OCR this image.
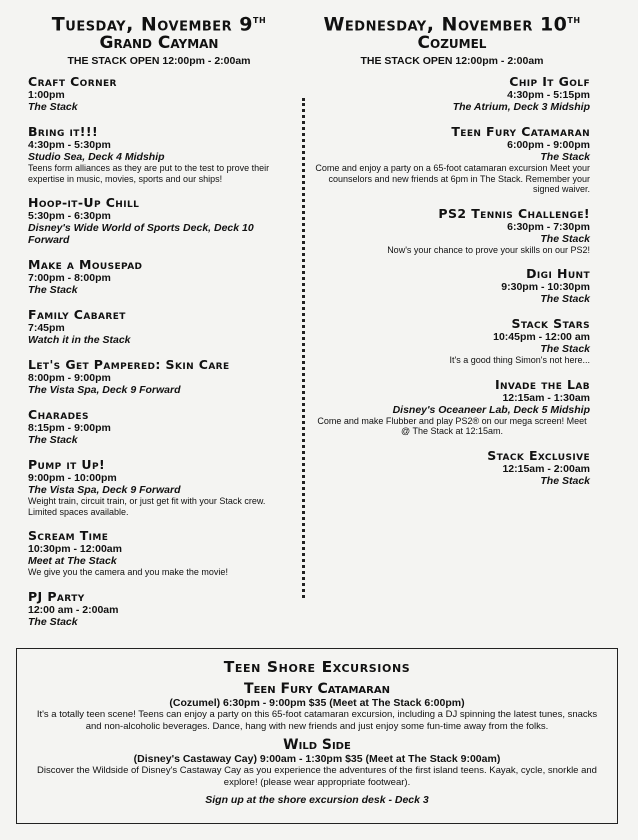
Tuesday, November 9th
Grand Cayman
THE STACK OPEN 12:00pm - 2:00am
Craft Corner
1:00pm
The Stack
Bring it!!!
4:30pm - 5:30pm
Studio Sea, Deck 4 Midship
Teens form alliances as they are put to the test to prove their expertise in music, movies, sports and our ships!
Hoop-it-Up Chill
5:30pm - 6:30pm
Disney's Wide World of Sports Deck, Deck 10 Forward
Make a Mousepad
7:00pm - 8:00pm
The Stack
Family Cabaret
7:45pm
Watch it in the Stack
Let's Get Pampered: Skin Care
8:00pm - 9:00pm
The Vista Spa, Deck 9 Forward
Charades
8:15pm - 9:00pm
The Stack
Pump it Up!
9:00pm - 10:00pm
The Vista Spa, Deck 9 Forward
Weight train, circuit train, or just get fit with your Stack crew. Limited spaces available.
Scream Time
10:30pm - 12:00am
Meet at The Stack
We give you the camera and you make the movie!
PJ Party
12:00 am - 2:00am
The Stack
Wednesday, November 10th
Cozumel
THE STACK OPEN 12:00pm - 2:00am
Chip It Golf
4:30pm - 5:15pm
The Atrium, Deck 3 Midship
Teen Fury Catamaran
6:00pm - 9:00pm
The Stack
Come and enjoy a party on a 65-foot catamaran excursion Meet your counselors and new friends at 6pm in The Stack. Remember your signed waiver.
PS2 Tennis Challenge!
6:30pm - 7:30pm
The Stack
Now's your chance to prove your skills on our PS2!
Digi Hunt
9:30pm - 10:30pm
The Stack
Stack Stars
10:45pm - 12:00 am
The Stack
It's a good thing Simon's not here...
Invade the Lab
12:15am - 1:30am
Disney's Oceaneer Lab, Deck 5 Midship
Come and make Flubber and play PS2® on our mega screen! Meet @ The Stack at 12:15am.
Stack Exclusive
12:15am - 2:00am
The Stack
Teen Shore Excursions
Teen Fury Catamaran
(Cozumel) 6:30pm - 9:00pm $35 (Meet at The Stack 6:00pm)
It's a totally teen scene! Teens can enjoy a party on this 65-foot catamaran excursion, including a DJ spinning the latest tunes, snacks and non-alcoholic beverages. Dance, hang with new friends and just enjoy some fun-time away from the folks.
Wild Side
(Disney's Castaway Cay) 9:00am - 1:30pm $35 (Meet at The Stack 9:00am)
Discover the Wildside of Disney's Castaway Cay as you experience the adventures of the first island teens. Kayak, cycle, snorkle and explore! (please wear appropriate footwear).
Sign up at the shore excursion desk - Deck 3
